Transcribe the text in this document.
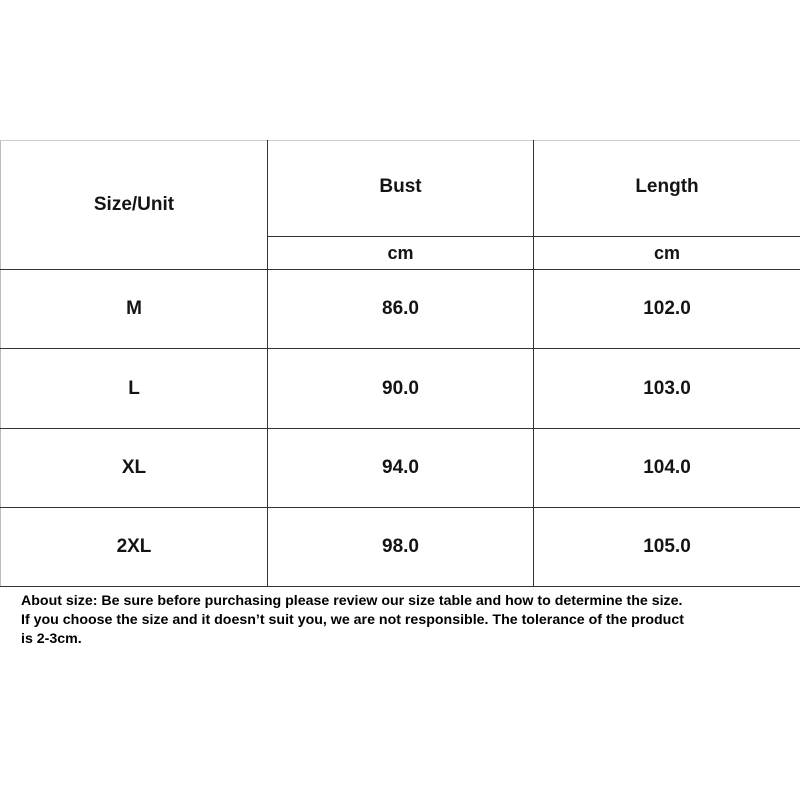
Size/Unit	Bust	Length
	cm	cm
M	86.0	102.0
L	90.0	103.0
XL	94.0	104.0
2XL	98.0	105.0

About size: Be sure before purchasing please review our size table and how to determine the size.
If you choose the size and it doesn’t suit you, we are not responsible. The tolerance of the product
is 2-3cm.
